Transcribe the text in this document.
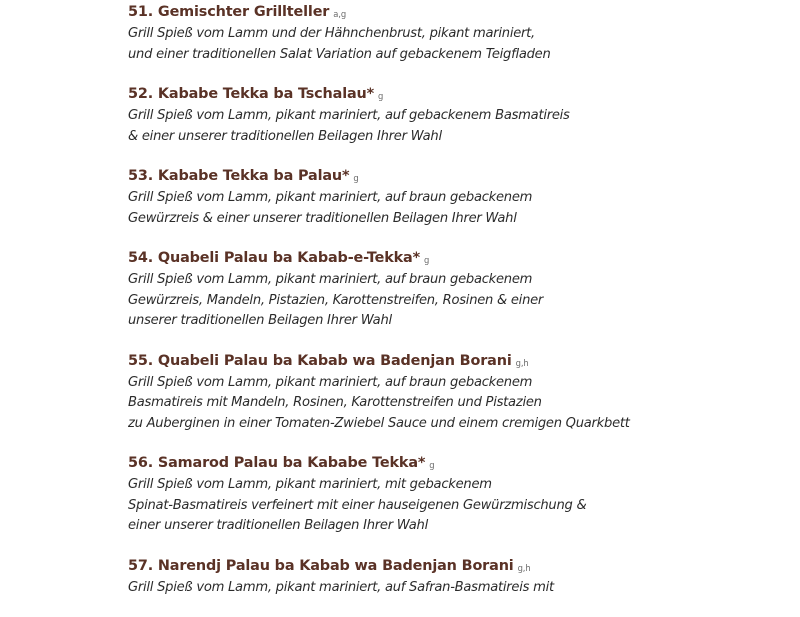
51. Gemischter Grillteller a,g
Grill Spieß vom Lamm und der Hähnchenbrust, pikant mariniert,
und einer traditionellen Salat Variation auf gebackenem Teigfladen
52. Kababe Tekka ba Tschalau* g
Grill Spieß vom Lamm, pikant mariniert, auf gebackenem Basmatireis
& einer unserer traditionellen Beilagen Ihrer Wahl
53. Kababe Tekka ba Palau* g
Grill Spieß vom Lamm, pikant mariniert, auf braun gebackenem
Gewürzreis & einer unserer traditionellen Beilagen Ihrer Wahl
54. Quabeli Palau ba Kabab-e-Tekka* g
Grill Spieß vom Lamm, pikant mariniert, auf braun gebackenem
Gewürzreis, Mandeln, Pistazien, Karottenstreifen, Rosinen & einer
unserer traditionellen Beilagen Ihrer Wahl
55. Quabeli Palau ba Kabab wa Badenjan Borani g,h
Grill Spieß vom Lamm, pikant mariniert, auf braun gebackenem
Basmatireis mit Mandeln, Rosinen, Karottenstreifen und Pistazien
zu Auberginen in einer Tomaten-Zwiebel Sauce und einem cremigen Quarkbett
56. Samarod Palau ba Kababe Tekka* g
Grill Spieß vom Lamm, pikant mariniert, mit gebackenem
Spinat-Basmatireis verfeinert mit einer hauseigenen Gewürzmischung &
einer unserer traditionellen Beilagen Ihrer Wahl
57. Narendj Palau ba Kabab wa Badenjan Borani g,h
Grill Spieß vom Lamm, pikant mariniert, auf Safran-Basmatireis mit
